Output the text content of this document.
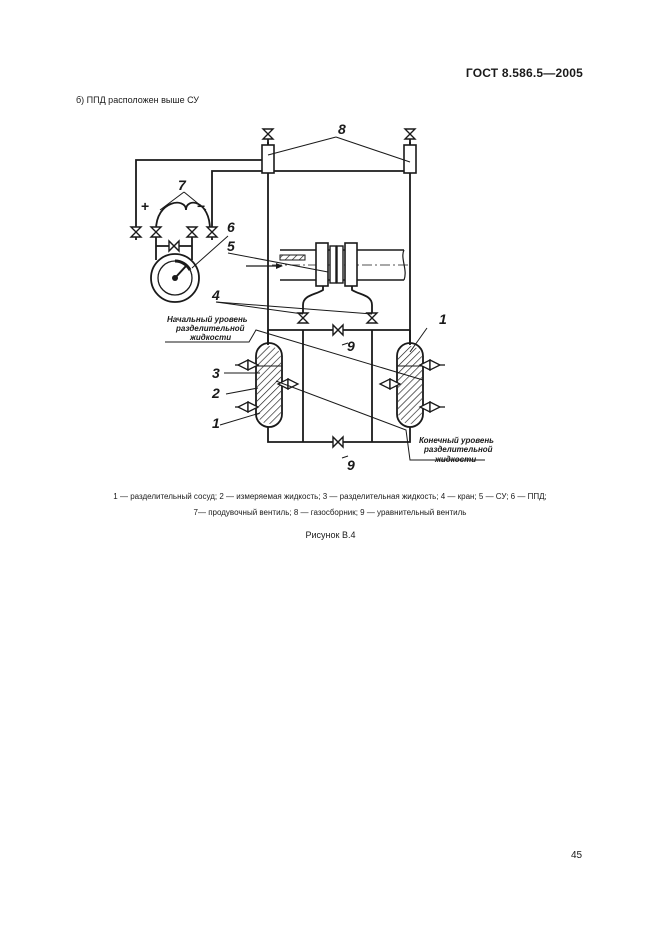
ГОСТ 8.586.5—2005
б) ППД расположен выше СУ
8
7
+	−
6
5
4
9
1
3
2
1
9
Начальный уровень
разделительной
жидкости
Конечный уровень
разделительной
жидкости
1 — разделительный сосуд; 2 — измеряемая жидкость; 3 — разделительная жидкость; 4 — кран; 5 — СУ; 6 — ППД;
7— продувочный вентиль; 8 — газосборник; 9 — уравнительный вентиль
Рисунок В.4
45
